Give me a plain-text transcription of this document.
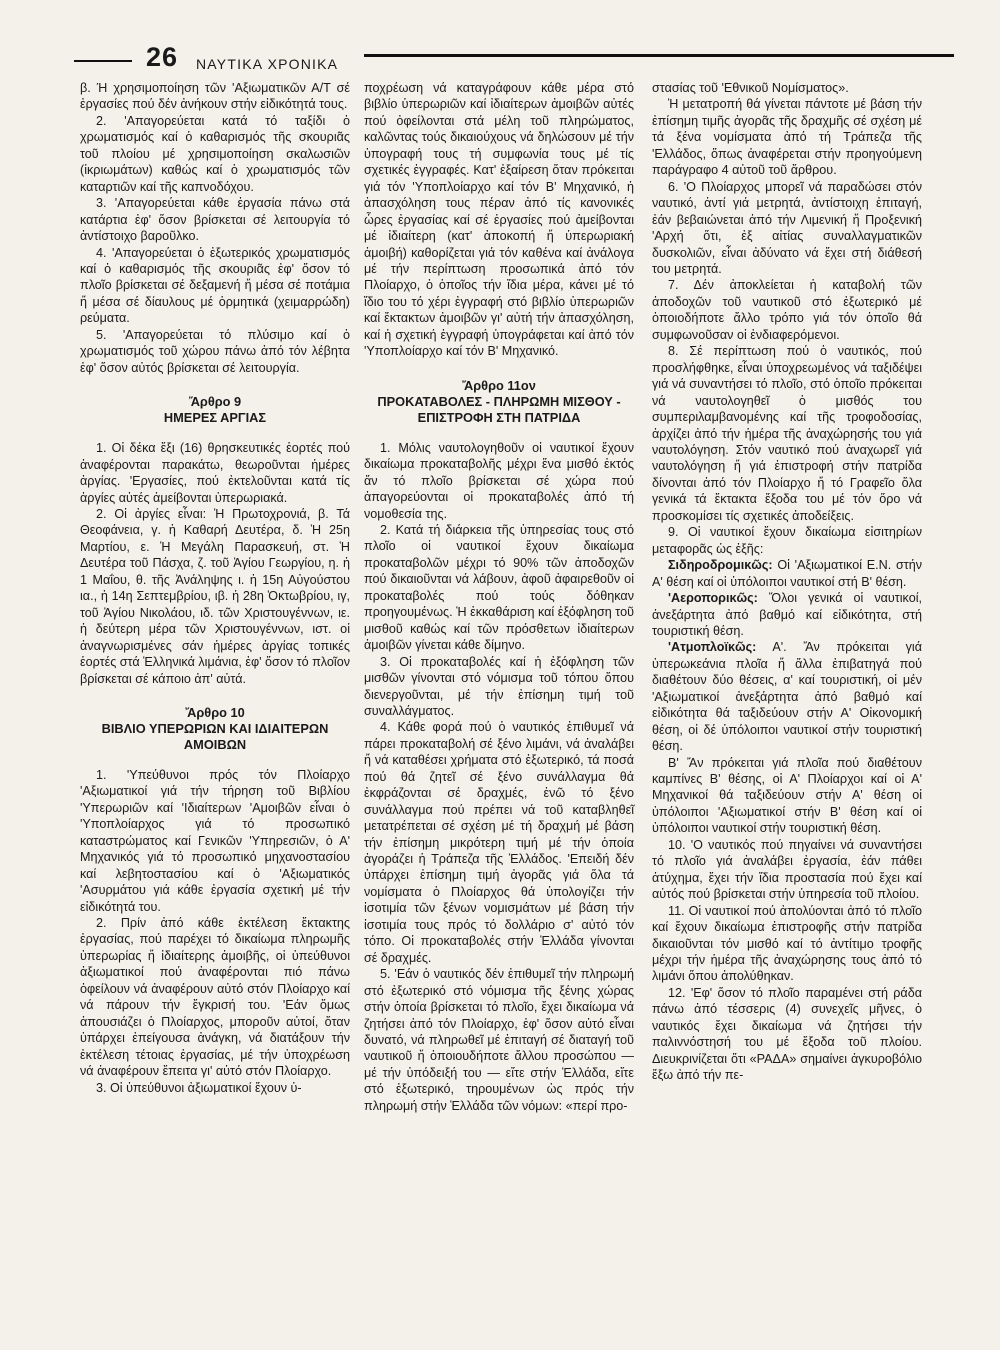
26 ΝΑΥΤΙΚΑ ΧΡΟΝΙΚΑ

β. Ή χρησιμοποίηση τῶν 'Αξιωματικῶν Α/Τ σέ ἐργασίες πού δέν ἀνήκουν στήν εἰδικότητά τους.

2. 'Απαγορεύεται κατά τό ταξίδι ὁ χρωματισμός καί ὁ καθαρισμός τῆς σκουριᾶς τοῦ πλοίου μέ χρησιμοποίηση σκαλωσιῶν (ἰκριωμάτων) καθώς καί ὁ χρωματισμός τῶν καταρτιῶν καί τῆς καπνοδόχου.

3. 'Απαγορεύεται κάθε ἐργασία πάνω στά κατάρτια ἐφ' ὅσον βρίσκεται σέ λειτουργία τό ἀντίστοιχο βαροῦλκο.

4. 'Απαγορεύεται ὁ ἐξωτερικός χρωματισμός καί ὁ καθαρισμός τῆς σκουριᾶς ἐφ' ὅσον τό πλοῖο βρίσκεται σέ δεξαμενή ἤ μέσα σέ ποτάμια ἤ μέσα σέ δίαυλους μέ ὁρμητικά (χειμαρρώδη) ρεύματα.

5. 'Απαγορεύεται τό πλύσιμο καί ὁ χρωματισμός τοῦ χώρου πάνω ἀπό τόν λέβητα ἐφ' ὅσον αὐτός βρίσκεται σέ λειτουργία.

Ἄρθρο 9
ΗΜΕΡΕΣ ΑΡΓΙΑΣ

1. Οἱ δέκα ἕξι (16) θρησκευτικές ἑορτές πού ἀναφέρονται παρακάτω, θεωροῦνται ἡμέρες ἀργίας. 'Εργασίες, πού ἐκτελοῦνται κατά τίς ἀργίες αὐτές ἀμείβονται ὑπερωριακά.

2. Οἱ ἀργίες εἶναι: Ἡ Πρωτοχρονιά, β. Τά Θεοφάνεια, γ. ἡ Καθαρή Δευτέρα, δ. Ἡ 25η Μαρτίου, ε. Ἡ Μεγάλη Παρασκευή, στ. Ἡ Δευτέρα τοῦ Πάσχα, ζ. τοῦ Ἁγίου Γεωργίου, η. ἡ 1 Μαΐου, θ. τῆς Ἀνάληψης ι. ἡ 15η Αὐγούστου ια., ἡ 14η Σεπτεμβρίου, ιβ. ἡ 28η Ὀκτωβρίου, ιγ, τοῦ Ἁγίου Νικολάου, ιδ. τῶν Χριστουγέννων, ιε. ἡ δεύτερη μέρα τῶν Χριστουγέννων, ιστ. οἱ ἀναγνωρισμένες σάν ἡμέρες ἀργίας τοπικές ἑορτές στά Ἑλληνικά λιμάνια, ἐφ' ὅσον τό πλοῖον βρίσκεται σέ κάποιο ἀπ' αὐτά.

Ἄρθρο 10
ΒΙΒΛΙΟ ΥΠΕΡΩΡΙΩΝ ΚΑΙ ΙΔΙΑΙΤΕΡΩΝ ΑΜΟΙΒΩΝ

1. 'Υπεύθυνοι πρός τόν Πλοίαρχο 'Αξιωματικοί γιά τήν τήρηση τοῦ Βιβλίου 'Υπερωριῶν καί 'Ιδιαίτερων 'Αμοιβῶν εἶναι ὁ 'Υποπλοίαρχος γιά τό προσωπικό καταστρώματος καί Γενικῶν 'Υπηρεσιῶν, ὁ Α' Μηχανικός γιά τό προσωπικό μηχανοστασίου καί λεβητοστασίου καί ὁ 'Αξιωματικός 'Ασυρμάτου γιά κάθε ἐργασία σχετική μέ τήν εἰδικότητά του.

2. Πρίν ἀπό κάθε ἐκτέλεση ἔκτακτης ἐργασίας, πού παρέχει τό δικαίωμα πληρωμῆς ὑπερωρίας ἤ ἰδιαίτερης ἀμοιβῆς, οἱ ὑπεύθυνοι ἀξιωματικοί πού ἀναφέρονται πιό πάνω ὀφείλουν νά ἀναφέρουν αὐτό στόν Πλοίαρχο καί νά πάρουν τήν ἔγκρισή του. 'Εάν ὅμως ἀπουσιάζει ὁ Πλοίαρχος, μποροῦν αὐτοί, ὅταν ὑπάρχει ἐπείγουσα ἀνάγκη, νά διατάξουν τήν ἐκτέλεση τέτοιας ἐργασίας, μέ τήν ὑποχρέωση νά ἀναφέρουν ἔπειτα γι' αὐτό στόν Πλοίαρχο.

3. Οἱ ὑπεύθυνοι ἀξιωματικοί ἔχουν ὑ-

ποχρέωση νά καταγράφουν κάθε μέρα στό βιβλίο ὑπερωριῶν καί ἰδιαίτερων ἀμοιβῶν αὐτές πού ὀφείλονται στά μέλη τοῦ πληρώματος, καλῶντας τούς δικαιούχους νά δηλώσουν μέ τήν ὑπογραφή τους τή συμφωνία τους μέ τίς σχετικές ἐγγραφές. Κατ' ἐξαίρεση ὅταν πρόκειται γιά τόν 'Υποπλοίαρχο καί τόν Β' Μηχανικό, ἡ ἀπασχόληση τους πέραν ἀπό τίς κανονικές ὧρες ἐργασίας καί σέ ἐργασίες πού ἀμείβονται μέ ἰδιαίτερη (κατ' ἀποκοπή ἤ ὑπερωριακή ἀμοιβή) καθορίζεται γιά τόν καθένα καί ἀνάλογα μέ τήν περίπτωση προσωπικά ἀπό τόν Πλοίαρχο, ὁ ὁποῖος τήν ἴδια μέρα, κάνει μέ τό ἴδιο του τό χέρι ἐγγραφή στό βιβλίο ὑπερωριῶν καί ἔκτακτων ἀμοιβῶν γι' αὐτή τήν ἀπασχόληση, καί ἡ σχετική ἐγγραφή ὑπογράφεται καί ἀπό τόν 'Υποπλοίαρχο καί τόν Β' Μηχανικό.

Ἄρθρο 11ον
ΠΡΟΚΑΤΑΒΟΛΕΣ - ΠΛΗΡΩΜΗ ΜΙΣΘΟΥ - ΕΠΙΣΤΡΟΦΗ ΣΤΗ ΠΑΤΡΙΔΑ

1. Μόλις ναυτολογηθοῦν οἱ ναυτικοί ἔχουν δικαίωμα προκαταβολῆς μέχρι ἕνα μισθό ἐκτός ἄν τό πλοῖο βρίσκεται σέ χώρα πού ἀπαγορεύονται οἱ προκαταβολές ἀπό τή νομοθεσία της.

2. Κατά τή διάρκεια τῆς ὑπηρεσίας τους στό πλοῖο οἱ ναυτικοί ἔχουν δικαίωμα προκαταβολῶν μέχρι τό 90% τῶν ἀποδοχῶν πού δικαιοῦνται νά λάβουν, ἀφοῦ ἀφαιρεθοῦν οἱ προκαταβολές πού τούς δόθηκαν προηγουμένως. Ἡ ἐκκαθάριση καί ἐξόφληση τοῦ μισθοῦ καθώς καί τῶν πρόσθετων ἰδιαίτερων ἀμοιβῶν γίνεται κάθε δίμηνο.

3. Οἱ προκαταβολές καί ἡ ἐξόφληση τῶν μισθῶν γίνονται στό νόμισμα τοῦ τόπου ὅπου διενεργοῦνται, μέ τήν ἐπίσημη τιμή τοῦ συναλλάγματος.

4. Κάθε φορά πού ὁ ναυτικός ἐπιθυμεῖ νά πάρει προκαταβολή σέ ξένο λιμάνι, νά ἀναλάβει ἤ νά καταθέσει χρήματα στό ἐξωτερικό, τά ποσά πού θά ζητεῖ σέ ξένο συνάλλαγμα θά ἐκφράζονται σέ δραχμές, ἐνῶ τό ξένο συνάλλαγμα πού πρέπει νά τοῦ καταβληθεῖ μετατρέπεται σέ σχέση μέ τή δραχμή μέ βάση τήν ἐπίσημη μικρότερη τιμή μέ τήν ὁποία ἀγοράζει ἡ Τράπεζα τῆς Ἑλλάδος. 'Επειδή δέν ὑπάρχει ἐπίσημη τιμή ἀγορᾶς γιά ὅλα τά νομίσματα ὁ Πλοίαρχος θά ὑπολογίζει τήν ἰσοτιμία τῶν ξένων νομισμάτων μέ βάση τήν ἰσοτιμία τους πρός τό δολλάριο σ' αὐτό τόν τόπο. Οἱ προκαταβολές στήν Ἑλλάδα γίνονται σέ δραχμές.

5. 'Εάν ὁ ναυτικός δέν ἐπιθυμεῖ τήν πληρωμή στό ἐξωτερικό στό νόμισμα τῆς ξένης χώρας στήν ὁποία βρίσκεται τό πλοῖο, ἔχει δικαίωμα νά ζητήσει ἀπό τόν Πλοίαρχο, ἐφ' ὅσον αὐτό εἶναι δυνατό, νά πληρωθεῖ μέ ἐπιταγή σέ διαταγή τοῦ ναυτικοῦ ἤ ὁποιουδήποτε ἄλλου προσώπου — μέ τήν ὑπόδειξή του — εἴτε στήν Ἑλλάδα, εἴτε στό ἐξωτερικό, τηρουμένων ὡς πρός τήν πληρωμή στήν Ἑλλάδα τῶν νόμων: «περί προ-

στασίας τοῦ 'Εθνικοῦ Νομίσματος».

Ἡ μετατροπή θά γίνεται πάντοτε μέ βάση τήν ἐπίσημη τιμῆς ἀγορᾶς τῆς δραχμῆς σέ σχέση μέ τά ξένα νομίσματα ἀπό τή Τράπεζα τῆς 'Ελλάδος, ὅπως ἀναφέρεται στήν προηγούμενη παράγραφο 4 αὐτοῦ τοῦ ἄρθρου.

6. 'Ο Πλοίαρχος μπορεῖ νά παραδώσει στόν ναυτικό, ἀντί γιά μετρητά, ἀντίστοιχη ἐπιταγή, ἐάν βεβαιώνεται ἀπό τήν Λιμενική ἤ Προξενική 'Αρχή ὅτι, ἐξ αἰτίας συναλλαγματικῶν δυσκολιῶν, εἶναι ἀδύνατο νά ἔχει στή διάθεσή του μετρητά.

7. Δέν ἀποκλείεται ἡ καταβολή τῶν ἀποδοχῶν τοῦ ναυτικοῦ στό ἐξωτερικό μέ ὁποιοδήποτε ἄλλο τρόπο γιά τόν ὁποῖο θά συμφωνοῦσαν οἱ ἐνδιαφερόμενοι.

8. Σέ περίπτωση πού ὁ ναυτικός, πού προσλήφθηκε, εἶναι ὑποχρεωμένος νά ταξιδέψει γιά νά συναντήσει τό πλοῖο, στό ὁποῖο πρόκειται νά ναυτολογηθεῖ ὁ μισθός του συμπεριλαμβανομένης καί τῆς τροφοδοσίας, ἀρχίζει ἀπό τήν ἡμέρα τῆς ἀναχώρησής του γιά ναυτολόγηση. Στόν ναυτικό πού ἀναχωρεῖ γιά ναυτολόγηση ἤ γιά ἐπιστροφή στήν πατρίδα δίνονται ἀπό τόν Πλοίαρχο ἤ τό Γραφεῖο ὅλα γενικά τά ἔκτακτα ἔξοδα του μέ τόν ὅρο νά προσκομίσει τίς σχετικές ἀποδείξεις.

9. Οἱ ναυτικοί ἔχουν δικαίωμα εἰσιτηρίων μεταφορᾶς ὡς ἑξῆς:

Σιδηροδρομικῶς: Οἱ 'Αξιωματικοί Ε.Ν. στήν Α' θέση καί οἱ ὑπόλοιποι ναυτικοί στή Β' θέση.

'Αεροπορικῶς: Ὅλοι γενικά οἱ ναυτικοί, ἀνεξάρτητα ἀπό βαθμό καί εἰδικότητα, στή τουριστική θέση.

'Ατμοπλοϊκῶς: Α'. Ἄν πρόκειται γιά ὑπερωκεάνια πλοῖα ἤ ἄλλα ἐπιβατηγά πού διαθέτουν δύο θέσεις, α' καί τουριστική, οἱ μέν 'Αξιωματικοί ἀνεξάρτητα ἀπό βαθμό καί εἰδικότητα θά ταξιδεύουν στήν Α' Οἰκονομική θέση, οἱ δέ ὑπόλοιποι ναυτικοί στήν τουριστική θέση.

Β' Ἄν πρόκειται γιά πλοῖα πού διαθέτουν καμπίνες Β' θέσης, οἱ Α' Πλοίαρχοι καί οἱ Α' Μηχανικοί θά ταξιδεύουν στήν Α' θέση οἱ ὑπόλοιποι 'Αξιωματικοί στήν Β' θέση καί οἱ ὑπόλοιποι ναυτικοί στήν τουριστική θέση.

10. 'Ο ναυτικός πού πηγαίνει νά συναντήσει τό πλοῖο γιά ἀναλάβει ἐργασία, ἐάν πάθει ἀτύχημα, ἔχει τήν ἴδια προστασία πού ἔχει καί αὐτός πού βρίσκεται στήν ὑπηρεσία τοῦ πλοίου.

11. Οἱ ναυτικοί πού ἀπολύονται ἀπό τό πλοῖο καί ἔχουν δικαίωμα ἐπιστροφῆς στήν πατρίδα δικαιοῦνται τόν μισθό καί τό ἀντίτιμο τροφῆς μέχρι τήν ἡμέρα τῆς ἀναχώρησης τους ἀπό τό λιμάνι ὅπου ἀπολύθηκαν.

12. 'Εφ' ὅσον τό πλοῖο παραμένει στή ράδα πάνω ἀπό τέσσερις (4) συνεχεῖς μῆνες, ὁ ναυτικός ἔχει δικαίωμα νά ζητήσει τήν παλιννόστησή του μέ ἔξοδα τοῦ πλοίου. Διευκρινίζεται ὅτι «ΡΑΔΑ» σημαίνει ἀγκυροβόλιο ἔξω ἀπό τήν πε-
